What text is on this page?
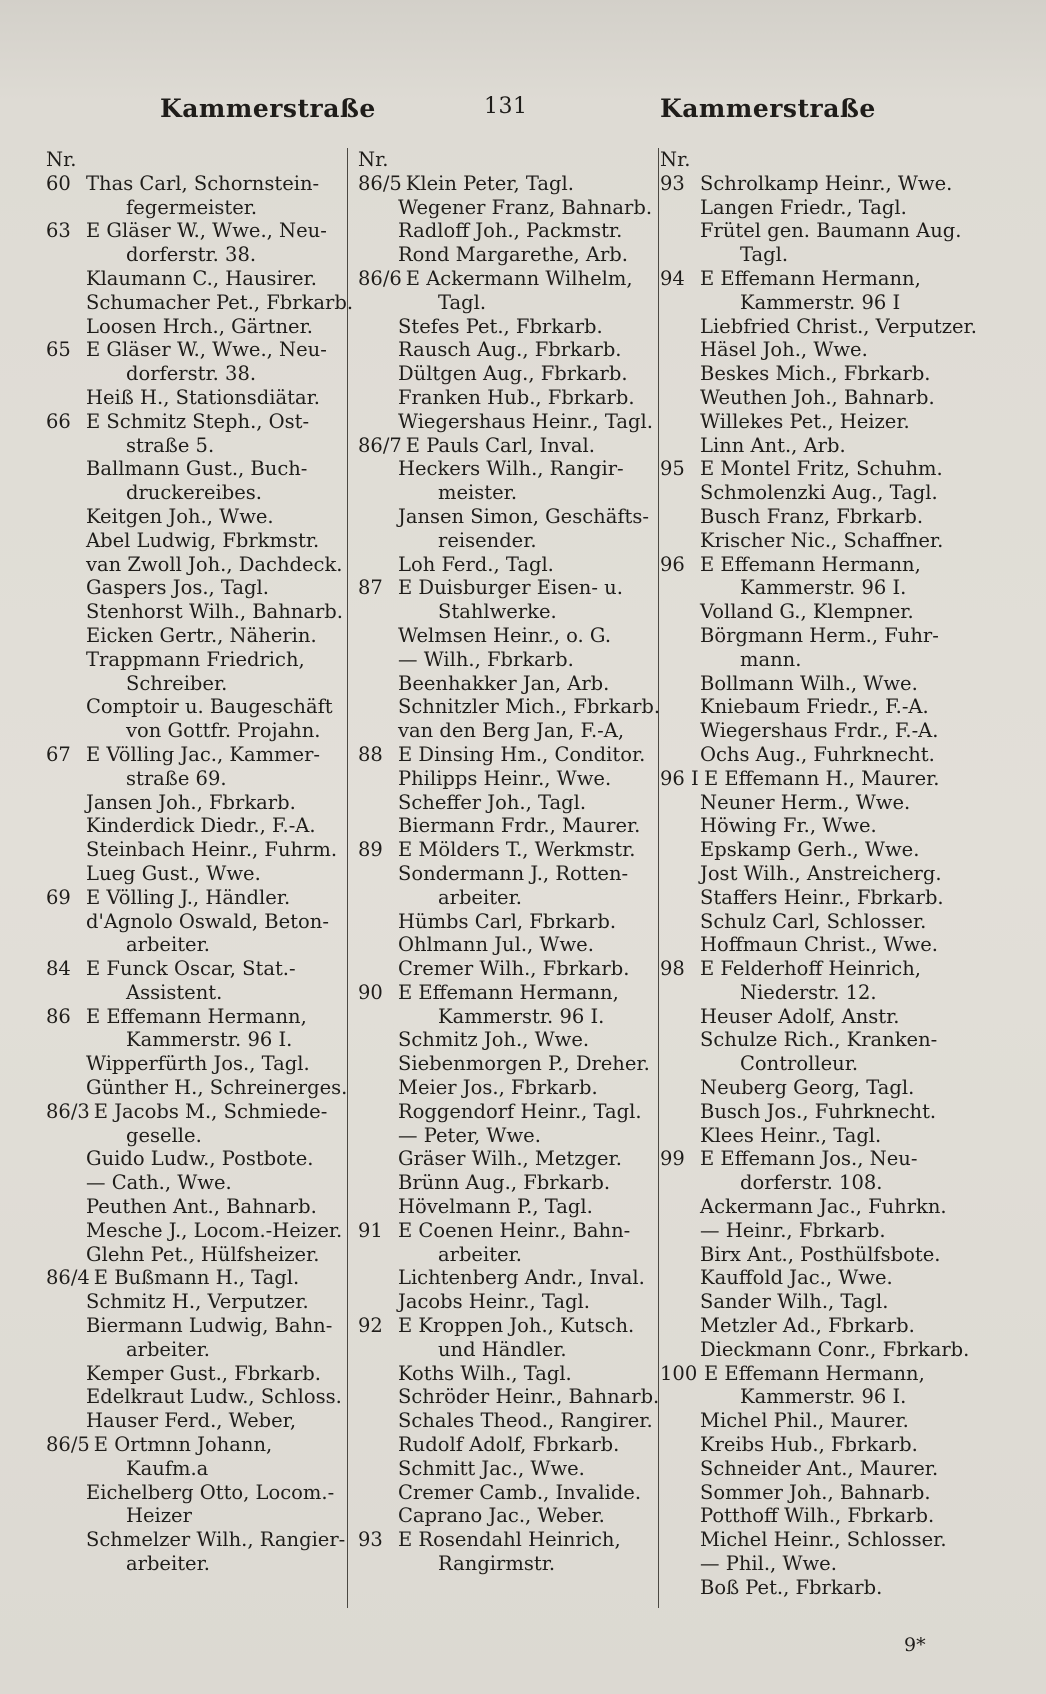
Kammerstraße	131	Kammerstraße
Nr.
60 Thas Carl, Schornstein-
fegermeister.
63 E Gläser W., Wwe., Neu-
dorferstr. 38.
Klaumann C., Hausirer.
Schumacher Pet., Fbrkarb.
Loosen Hrch., Gärtner.
65 E Gläser W., Wwe., Neu-
dorferstr. 38.
Heiß H., Stationsdiätar.
66 E Schmitz Steph., Ost-
straße 5.
Ballmann Gust., Buch-
druckereibes.
Keitgen Joh., Wwe.
Abel Ludwig, Fbrkmstr.
van Zwoll Joh., Dachdeck.
Gaspers Jos., Tagl.
Stenhorst Wilh., Bahnarb.
Eicken Gertr., Näherin.
Trappmann Friedrich,
Schreiber.
Comptoir u. Baugeschäft
von Gottfr. Projahn.
67 E Völling Jac., Kammer-
straße 69.
Jansen Joh., Fbrkarb.
Kinderdick Diedr., F.-A.
Steinbach Heinr., Fuhrm.
Lueg Gust., Wwe.
69 E Völling J., Händler.
d'Agnolo Oswald, Beton-
arbeiter.
84 E Funck Oscar, Stat.-
Assistent.
86 E Effemann Hermann,
Kammerstr. 96 I.
Wipperfürth Jos., Tagl.
Günther H., Schreinerges.
86/3 E Jacobs M., Schmiede-
geselle.
Guido Ludw., Postbote.
— Cath., Wwe.
Peuthen Ant., Bahnarb.
Mesche J., Locom.-Heizer.
Glehn Pet., Hülfsheizer.
86/4 E Bußmann H., Tagl.
Schmitz H., Verputzer.
Biermann Ludwig, Bahn-
arbeiter.
Kemper Gust., Fbrkarb.
Edelkraut Ludw., Schloss.
Hauser Ferd., Weber,
86/5 E Ortmnn Johann,
Kaufm.a
Eichelberg Otto, Locom.-
Heizer
Schmelzer Wilh., Rangier-
arbeiter.
Nr.
86/5 Klein Peter, Tagl.
Wegener Franz, Bahnarb.
Radloff Joh., Packmstr.
Rond Margarethe, Arb.
86/6 E Ackermann Wilhelm,
Tagl.
Stefes Pet., Fbrkarb.
Rausch Aug., Fbrkarb.
Dültgen Aug., Fbrkarb.
Franken Hub., Fbrkarb.
Wiegershaus Heinr., Tagl.
86/7 E Pauls Carl, Inval.
Heckers Wilh., Rangir-
meister.
Jansen Simon, Geschäfts-
reisender.
Loh Ferd., Tagl.
87 E Duisburger Eisen- u.
Stahlwerke.
Welmsen Heinr., o. G.
— Wilh., Fbrkarb.
Beenhakker Jan, Arb.
Schnitzler Mich., Fbrkarb.
van den Berg Jan, F.-A,
88 E Dinsing Hm., Conditor.
Philipps Heinr., Wwe.
Scheffer Joh., Tagl.
Biermann Frdr., Maurer.
89 E Mölders T., Werkmstr.
Sondermann J., Rotten-
arbeiter.
Hümbs Carl, Fbrkarb.
Ohlmann Jul., Wwe.
Cremer Wilh., Fbrkarb.
90 E Effemann Hermann,
Kammerstr. 96 I.
Schmitz Joh., Wwe.
Siebenmorgen P., Dreher.
Meier Jos., Fbrkarb.
Roggendorf Heinr., Tagl.
— Peter, Wwe.
Gräser Wilh., Metzger.
Brünn Aug., Fbrkarb.
Hövelmann P., Tagl.
91 E Coenen Heinr., Bahn-
arbeiter.
Lichtenberg Andr., Inval.
Jacobs Heinr., Tagl.
92 E Kroppen Joh., Kutsch.
und Händler.
Koths Wilh., Tagl.
Schröder Heinr., Bahnarb.
Schales Theod., Rangirer.
Rudolf Adolf, Fbrkarb.
Schmitt Jac., Wwe.
Cremer Camb., Invalide.
Caprano Jac., Weber.
93 E Rosendahl Heinrich,
Rangirmstr.
Nr.
93 Schrolkamp Heinr., Wwe.
Langen Friedr., Tagl.
Frütel gen. Baumann Aug.
Tagl.
94 E Effemann Hermann,
Kammerstr. 96 I
Liebfried Christ., Verputzer.
Häsel Joh., Wwe.
Beskes Mich., Fbrkarb.
Weuthen Joh., Bahnarb.
Willekes Pet., Heizer.
Linn Ant., Arb.
95 E Montel Fritz, Schuhm.
Schmolenzki Aug., Tagl.
Busch Franz, Fbrkarb.
Krischer Nic., Schaffner.
96 E Effemann Hermann,
Kammerstr. 96 I.
Volland G., Klempner.
Börgmann Herm., Fuhr-
mann.
Bollmann Wilh., Wwe.
Kniebaum Friedr., F.-A.
Wiegershaus Frdr., F.-A.
Ochs Aug., Fuhrknecht.
96 I E Effemann H., Maurer.
Neuner Herm., Wwe.
Höwing Fr., Wwe.
Epskamp Gerh., Wwe.
Jost Wilh., Anstreicherg.
Staffers Heinr., Fbrkarb.
Schulz Carl, Schlosser.
Hoffmaun Christ., Wwe.
98 E Felderhoff Heinrich,
Niederstr. 12.
Heuser Adolf, Anstr.
Schulze Rich., Kranken-
Controlleur.
Neuberg Georg, Tagl.
Busch Jos., Fuhrknecht.
Klees Heinr., Tagl.
99 E Effemann Jos., Neu-
dorferstr. 108.
Ackermann Jac., Fuhrkn.
— Heinr., Fbrkarb.
Birx Ant., Posthülfsbote.
Kauffold Jac., Wwe.
Sander Wilh., Tagl.
Metzler Ad., Fbrkarb.
Dieckmann Conr., Fbrkarb.
100 E Effemann Hermann,
Kammerstr. 96 I.
Michel Phil., Maurer.
Kreibs Hub., Fbrkarb.
Schneider Ant., Maurer.
Sommer Joh., Bahnarb.
Potthoff Wilh., Fbrkarb.
Michel Heinr., Schlosser.
— Phil., Wwe.
Boß Pet., Fbrkarb.
9*
